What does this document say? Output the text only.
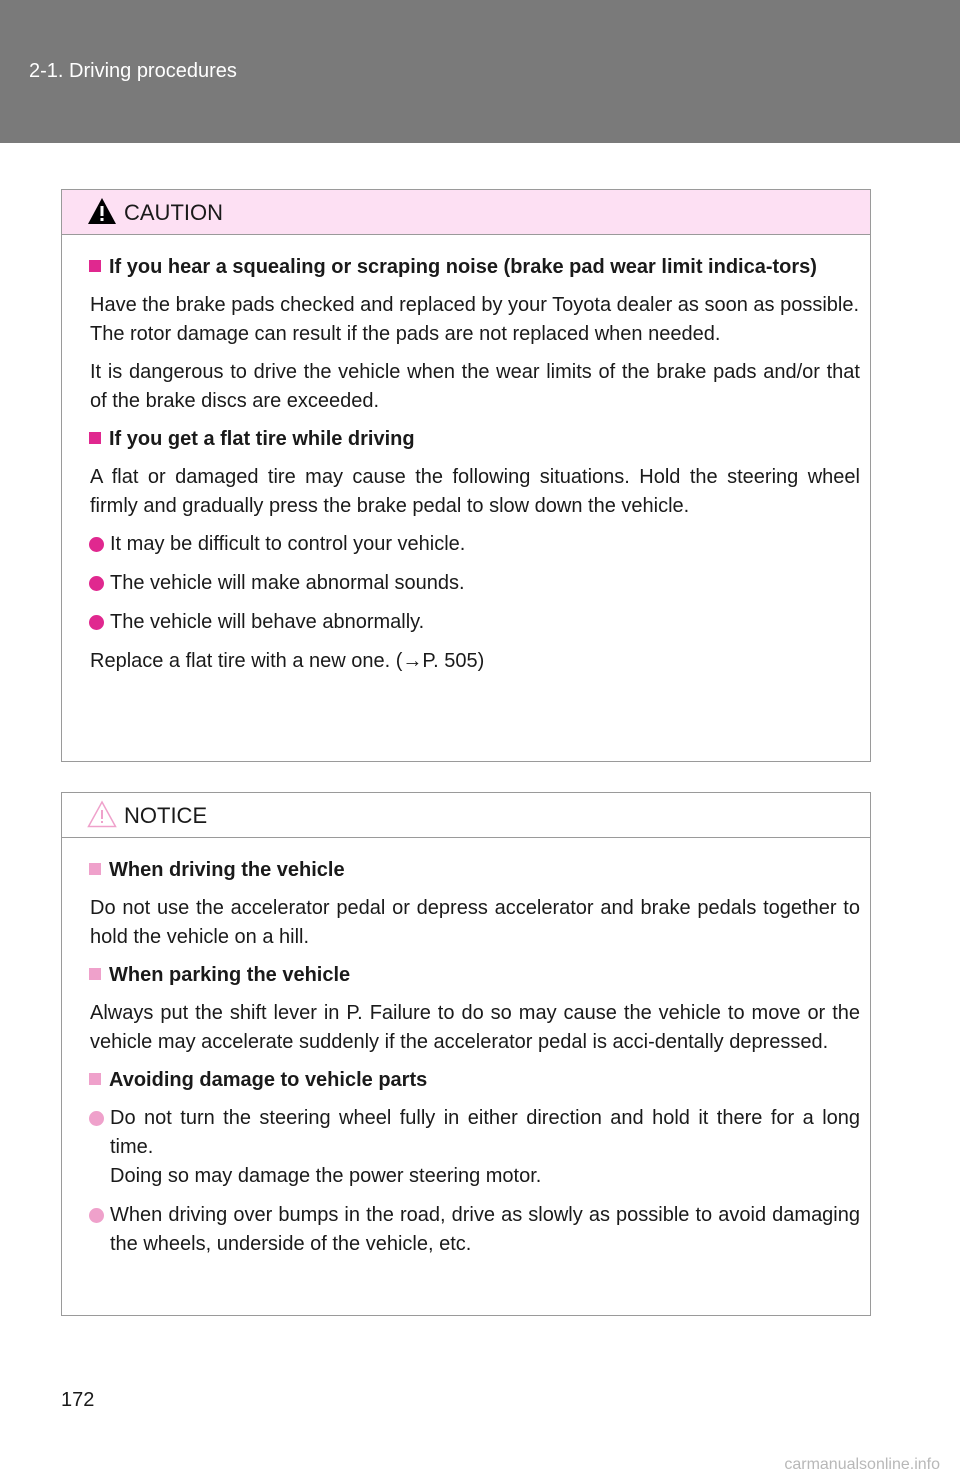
2-1. Driving procedures
CAUTION
If you hear a squealing or scraping noise (brake pad wear limit indica-tors)
Have the brake pads checked and replaced by your Toyota dealer as soon as possible.
The rotor damage can result if the pads are not replaced when needed.
It is dangerous to drive the vehicle when the wear limits of the brake pads and/or that of the brake discs are exceeded.
If you get a flat tire while driving
A flat or damaged tire may cause the following situations. Hold the steering wheel firmly and gradually press the brake pedal to slow down the vehicle.
It may be difficult to control your vehicle.
The vehicle will make abnormal sounds.
The vehicle will behave abnormally.
Replace a flat tire with a new one. (→P. 505)
NOTICE
When driving the vehicle
Do not use the accelerator pedal or depress accelerator and brake pedals together to hold the vehicle on a hill.
When parking the vehicle
Always put the shift lever in P. Failure to do so may cause the vehicle to move or the vehicle may accelerate suddenly if the accelerator pedal is acci-dentally depressed.
Avoiding damage to vehicle parts
Do not turn the steering wheel fully in either direction and hold it there for a long time.
Doing so may damage the power steering motor.
When driving over bumps in the road, drive as slowly as possible to avoid damaging the wheels, underside of the vehicle, etc.
172
carmanualsonline.info
